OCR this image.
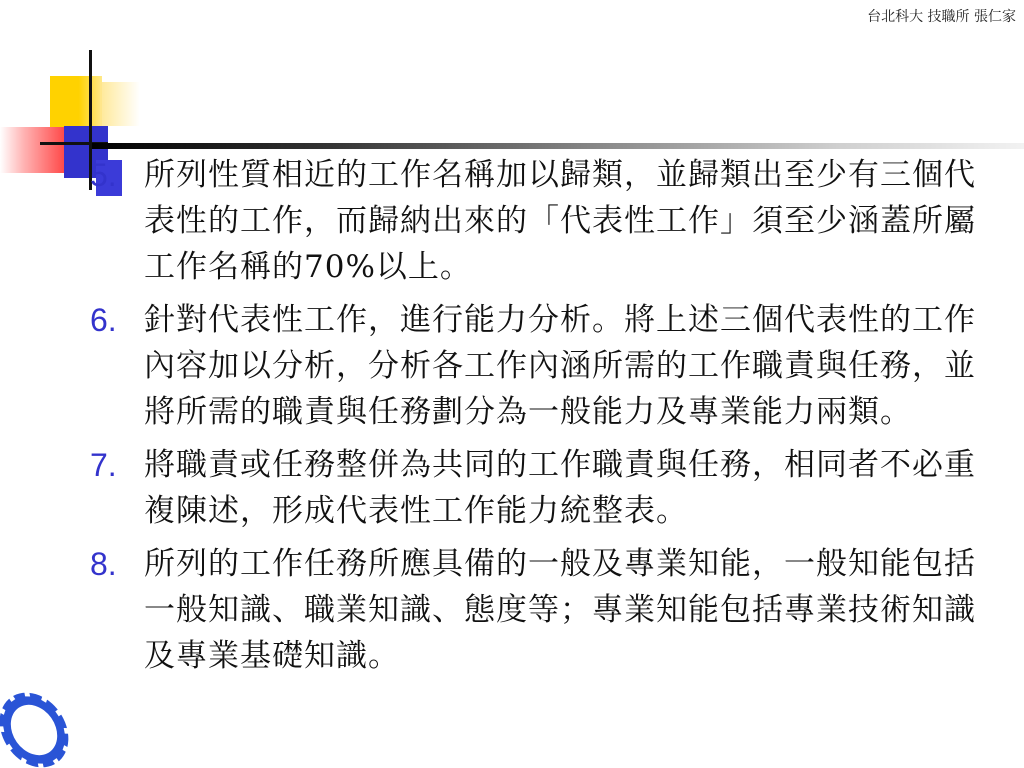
台北科大 技職所 張仁家
5. 所列性質相近的工作名稱加以歸類，並歸類出至少有三個代表性的工作，而歸納出來的「代表性工作」須至少涵蓋所屬工作名稱的70%以上。
6. 針對代表性工作，進行能力分析。將上述三個代表性的工作內容加以分析，分析各工作內涵所需的工作職責與任務，並將所需的職責與任務劃分為一般能力及專業能力兩類。
7. 將職責或任務整併為共同的工作職責與任務，相同者不必重複陳述，形成代表性工作能力統整表。
8. 所列的工作任務所應具備的一般及專業知能，一般知能包括一般知識、職業知識、態度等；專業知能包括專業技術知識及專業基礎知識。
